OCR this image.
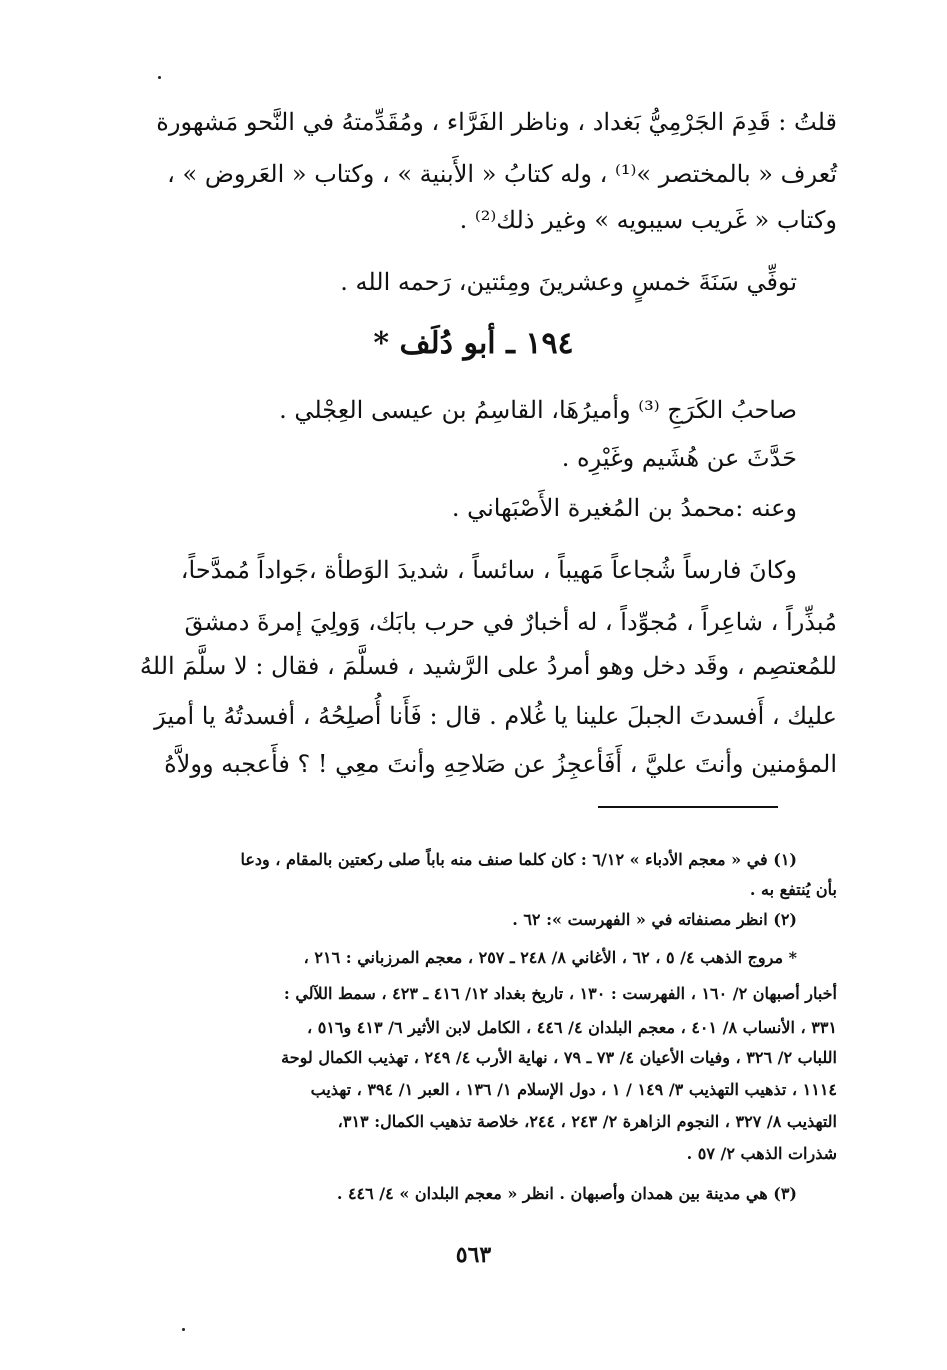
قلتُ : قَدِمَ الجَرْمِيُّ بَغداد ، وناظر الفَرَّاء ، ومُقَدِّمتهُ في النَّحو مَشهورة
تُعرف « بالمختصر »⁽¹⁾ ، وله كتابُ « الأَبنية » ، وكتاب « العَروض » ،
وكتاب « غَريب سيبويه » وغير ذلك⁽²⁾ .
توفِّي سَنَةَ خمسٍ وعشرينَ ومِئتين، رَحمه الله .
١٩٤ ـ أبو دُلَف *
صاحبُ الكَرَجِ ⁽³⁾ وأميرُهَا، القاسِمُ بن عيسى العِجْلي .
حَدَّثَ عن هُشَيم وغَيْرِه .
وعنه :محمدُ بن المُغيرة الأَصْبَهاني .
وكانَ فارساً شُجاعاً مَهيباً ، سائساً ، شديدَ الوَطأة ،جَواداً مُمدَّحاً،
مُبذِّراً ، شاعِراً ، مُجوِّداً ، له أخبارٌ في حرب بابَك، وَولِيَ إمرةَ دمشقَ
للمُعتصِم ، وقَد دخل وهو أمردُ على الرَّشيد ، فسلَّمَ ، فقال : لا سلَّمَ اللهُ
عليك ، أَفسدتَ الجبلَ علينا يا غُلام . قال : فَأَنا أُصلِحُهُ ، أفسدتُهُ يا أميرَ
المؤمنين وأنتَ عليَّ ، أَفَأعجِزُ عن صَلاحِهِ وأنتَ معِي ! ؟ فأَعجبه وولاَّهُ
(١) في « معجم الأدباء » ٦/١٢ : كان كلما صنف منه باباً صلى ركعتين بالمقام ، ودعا
بأن يُنتفع به .
(٢) انظر مصنفاته في « الفهرست »: ٦٢ .
* مروج الذهب ٤/ ٥ ، ٦٢ ، الأغاني ٨/ ٢٤٨ ـ ٢٥٧ ، معجم المرزباني : ٢١٦ ،
أخبار أصبهان ٢/ ١٦٠ ، الفهرست : ١٣٠ ، تاريخ بغداد ١٢/ ٤١٦ ـ ٤٢٣ ، سمط اللآلي :
٣٣١ ، الأنساب ٨/ ٤٠١ ، معجم البلدان ٤/ ٤٤٦ ، الكامل لابن الأثير ٦/ ٤١٣ و٥١٦ ،
اللباب ٢/ ٣٢٦ ، وفيات الأعيان ٤/ ٧٣ ـ ٧٩ ، نهاية الأرب ٤/ ٢٤٩ ، تهذيب الكمال لوحة
١١١٤ ، تذهيب التهذيب ٣/ ١٤٩ / ١ ، دول الإسلام ١/ ١٣٦ ، العبر ١/ ٣٩٤ ، تهذيب
التهذيب ٨/ ٣٢٧ ، النجوم الزاهرة ٢/ ٢٤٣ ، ٢٤٤، خلاصة تذهيب الكمال: ٣١٣،
شذرات الذهب ٢/ ٥٧ .
(٣) هي مدينة بين همدان وأصبهان . انظر « معجم البلدان » ٤/ ٤٤٦ .
٥٦٣
